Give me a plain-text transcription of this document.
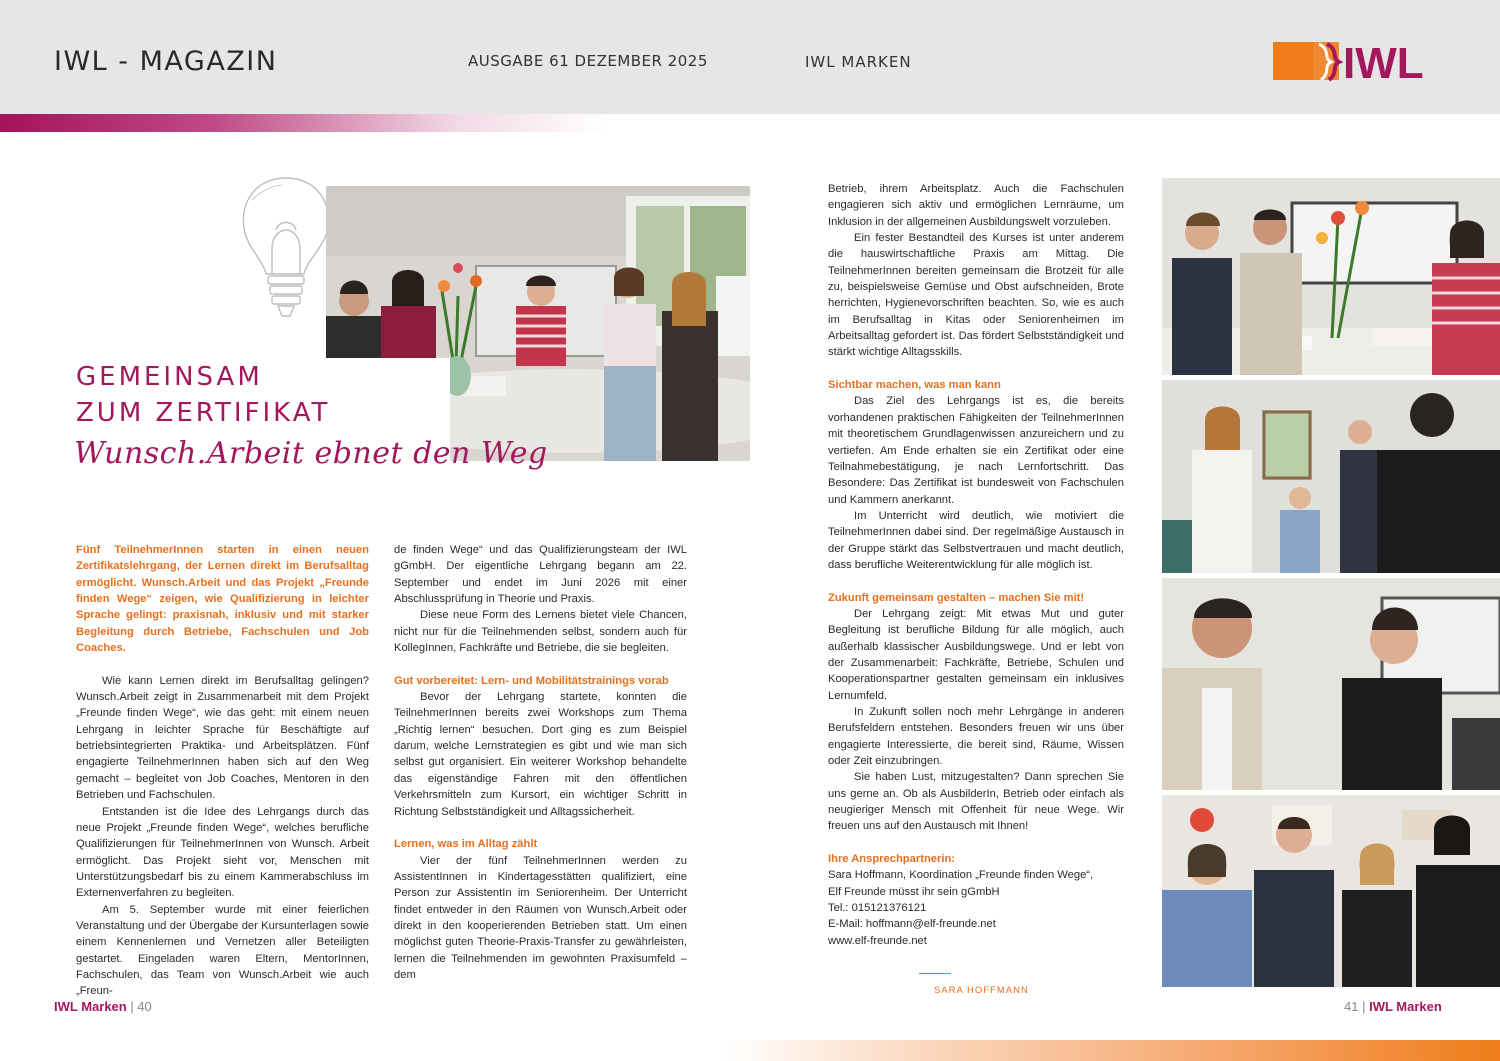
IWL - MAGAZIN	AUSGABE 61 DEZEMBER 2025	IWL MARKEN	IWL
GEMEINSAM
ZUM ZERTIFIKAT
Wunsch.Arbeit ebnet den Weg

Fünf TeilnehmerInnen starten in einen neuen Zertifikatslehrgang, der Lernen direkt im Berufsalltag ermöglicht. Wunsch.Arbeit und das Projekt „Freunde finden Wege“ zeigen, wie Qualifizierung in leichter Sprache gelingt: praxisnah, inklusiv und mit starker Begleitung durch Betriebe, Fachschulen und Job Coaches.

Wie kann Lernen direkt im Berufsalltag gelingen? Wunsch.Arbeit zeigt in Zusammenarbeit mit dem Projekt „Freunde finden Wege“, wie das geht: mit einem neuen Lehrgang in leichter Sprache für Beschäftigte auf betriebsintegrierten Praktika- und Arbeitsplätzen. Fünf engagierte TeilnehmerInnen haben sich auf den Weg gemacht – begleitet von Job Coaches, Mentoren in den Betrieben und Fachschulen.

Entstanden ist die Idee des Lehrgangs durch das neue Projekt „Freunde finden Wege“, welches berufliche Qualifizierungen für TeilnehmerInnen von Wunsch. Arbeit ermöglicht. Das Projekt sieht vor, Menschen mit Unterstützungsbedarf bis zu einem Kammerabschluss im Externenverfahren zu begleiten.

Am 5. September wurde mit einer feierlichen Veranstaltung und der Übergabe der Kursunterlagen sowie einem Kennenlernen und Vernetzen aller Beteiligten gestartet. Eingeladen waren Eltern, MentorInnen, Fachschulen, das Team von Wunsch.Arbeit wie auch „Freun-

de finden Wege“ und das Qualifizierungsteam der IWL gGmbH. Der eigentliche Lehrgang begann am 22. September und endet im Juni 2026 mit einer Abschlussprüfung in Theorie und Praxis.

Diese neue Form des Lernens bietet viele Chancen, nicht nur für die Teilnehmenden selbst, sondern auch für KollegInnen, Fachkräfte und Betriebe, die sie begleiten.

Gut vorbereitet: Lern- und Mobilitätstrainings vorab

Bevor der Lehrgang startete, konnten die TeilnehmerInnen bereits zwei Workshops zum Thema „Richtig lernen“ besuchen. Dort ging es zum Beispiel darum, welche Lernstrategien es gibt und wie man sich selbst gut organisiert. Ein weiterer Workshop behandelte das eigenständige Fahren mit den öffentlichen Verkehrsmitteln zum Kursort, ein wichtiger Schritt in Richtung Selbstständigkeit und Alltagssicherheit.

Lernen, was im Alltag zählt

Vier der fünf TeilnehmerInnen werden zu AssistentInnen in Kindertagesstätten qualifiziert, eine Person zur AssistentIn im Seniorenheim. Der Unterricht findet entweder in den Räumen von Wunsch.Arbeit oder direkt in den kooperierenden Betrieben statt. Um einen möglichst guten Theorie-Praxis-Transfer zu gewährleisten, lernen die Teilnehmenden im gewohnten Praxisumfeld – dem

Betrieb, ihrem Arbeitsplatz. Auch die Fachschulen engagieren sich aktiv und ermöglichen Lernräume, um Inklusion in der allgemeinen Ausbildungswelt vorzuleben.

Ein fester Bestandteil des Kurses ist unter anderem die hauswirtschaftliche Praxis am Mittag. Die TeilnehmerInnen bereiten gemeinsam die Brotzeit für alle zu, beispielsweise Gemüse und Obst aufschneiden, Brote herrichten, Hygienevorschriften beachten. So, wie es auch im Berufsalltag in Kitas oder Seniorenheimen im Arbeitsalltag gefordert ist. Das fördert Selbstständigkeit und stärkt wichtige Alltagsskills.

Sichtbar machen, was man kann

Das Ziel des Lehrgangs ist es, die bereits vorhandenen praktischen Fähigkeiten der TeilnehmerInnen mit theoretischem Grundlagenwissen anzureichern und zu vertiefen. Am Ende erhalten sie ein Zertifikat oder eine Teilnahmebestätigung, je nach Lernfortschritt. Das Besondere: Das Zertifikat ist bundesweit von Fachschulen und Kammern anerkannt.

Im Unterricht wird deutlich, wie motiviert die TeilnehmerInnen dabei sind. Der regelmäßige Austausch in der Gruppe stärkt das Selbstvertrauen und macht deutlich, dass berufliche Weiterentwicklung für alle möglich ist.

Zukunft gemeinsam gestalten – machen Sie mit!

Der Lehrgang zeigt: Mit etwas Mut und guter Begleitung ist berufliche Bildung für alle möglich, auch außerhalb klassischer Ausbildungswege. Und er lebt von der Zusammenarbeit: Fachkräfte, Betriebe, Schulen und Kooperationspartner gestalten gemeinsam ein inklusives Lernumfeld.

In Zukunft sollen noch mehr Lehrgänge in anderen Berufsfeldern entstehen. Besonders freuen wir uns über engagierte Interessierte, die bereit sind, Räume, Wissen oder Zeit einzubringen.

Sie haben Lust, mitzugestalten? Dann sprechen Sie uns gerne an. Ob als AusbilderIn, Betrieb oder einfach als neugieriger Mensch mit Offenheit für neue Wege. Wir freuen uns auf den Austausch mit Ihnen!

Ihre Ansprechpartnerin:

Sara Hoffmann, Koordination „Freunde finden Wege“,

Elf Freunde müsst ihr sein gGmbH

Tel.: 015121376121

E-Mail: hoffmann@elf-freunde.net

www.elf-freunde.net

SARA HOFFMANN
IWL Marken | 40	41 | IWL Marken
